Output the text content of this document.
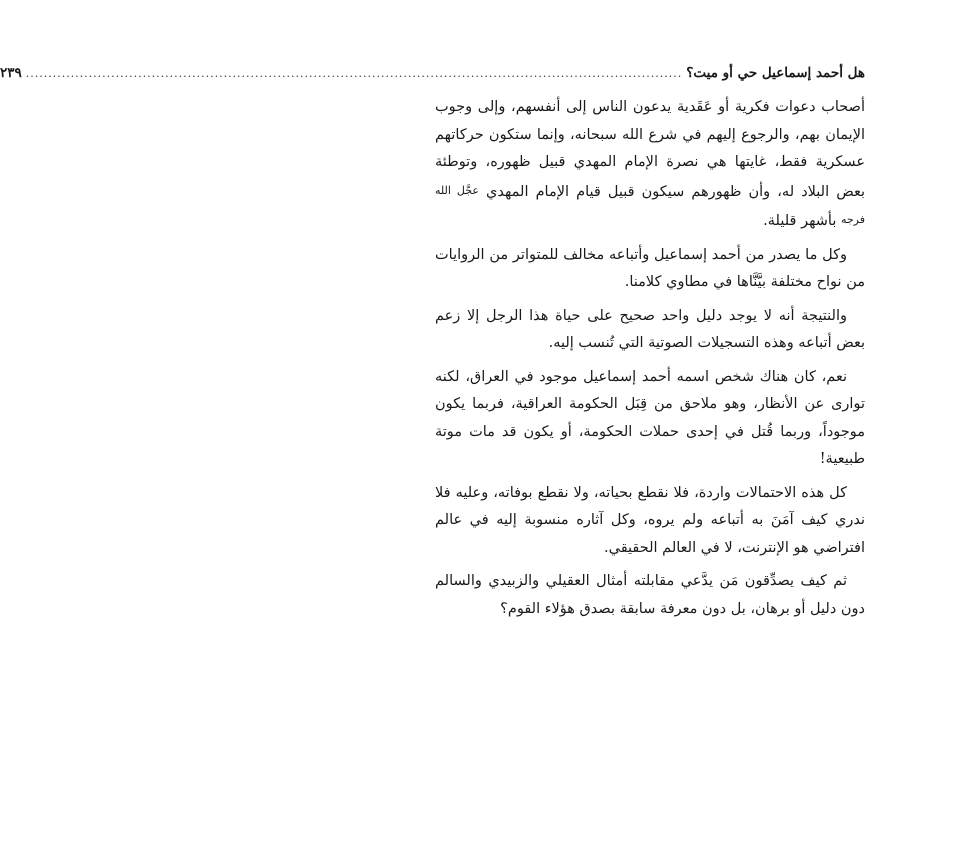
هل أحمد إسماعيل حي أو ميت؟
..................................................................................................................................................
٢٣٩

أصحاب دعوات فكرية أو عَقَدية يدعون الناس إلى أنفسهم، وإلى وجوب الإيمان بهم، والرجوع إليهم في شرع الله سبحانه، وإنما ستكون حركاتهم عسكرية فقط، غايتها هي نصرة الإمام المهدي قبيل ظهوره، وتوطئة بعض البلاد له، وأن ظهورهم سيكون قبيل قيام الإمام المهدي عجَّل الله فرجه بأشهر قليلة.

وكل ما يصدر من أحمد إسماعيل وأتباعه مخالف للمتواتر من الروايات من نواح مختلفة بيَّنَّاها في مطاوي كلامنا.

والنتيجة أنه لا يوجد دليل واحد صحيح على حياة هذا الرجل إلا زعم بعض أتباعه وهذه التسجيلات الصوتية التي تُنسب إليه.

نعم، كان هناك شخص اسمه أحمد إسماعيل موجود في العراق، لكنه توارى عن الأنظار، وهو ملاحق من قِبَل الحكومة العراقية، فربما يكون موجوداً، وربما قُتل في إحدى حملات الحكومة، أو يكون قد مات موتة طبيعية!

كل هذه الاحتمالات واردة، فلا نقطع بحياته، ولا نقطع بوفاته، وعليه فلا ندري كيف آمَنَ به أتباعه ولم يروه، وكل آثاره منسوبة إليه في عالم افتراضي هو الإنترنت، لا في العالم الحقيقي.

ثم كيف يصدِّقون مَن يدَّعي مقابلته أمثال العقيلي والزبيدي والسالم دون دليل أو برهان، بل دون معرفة سابقة بصدق هؤلاء القوم؟
